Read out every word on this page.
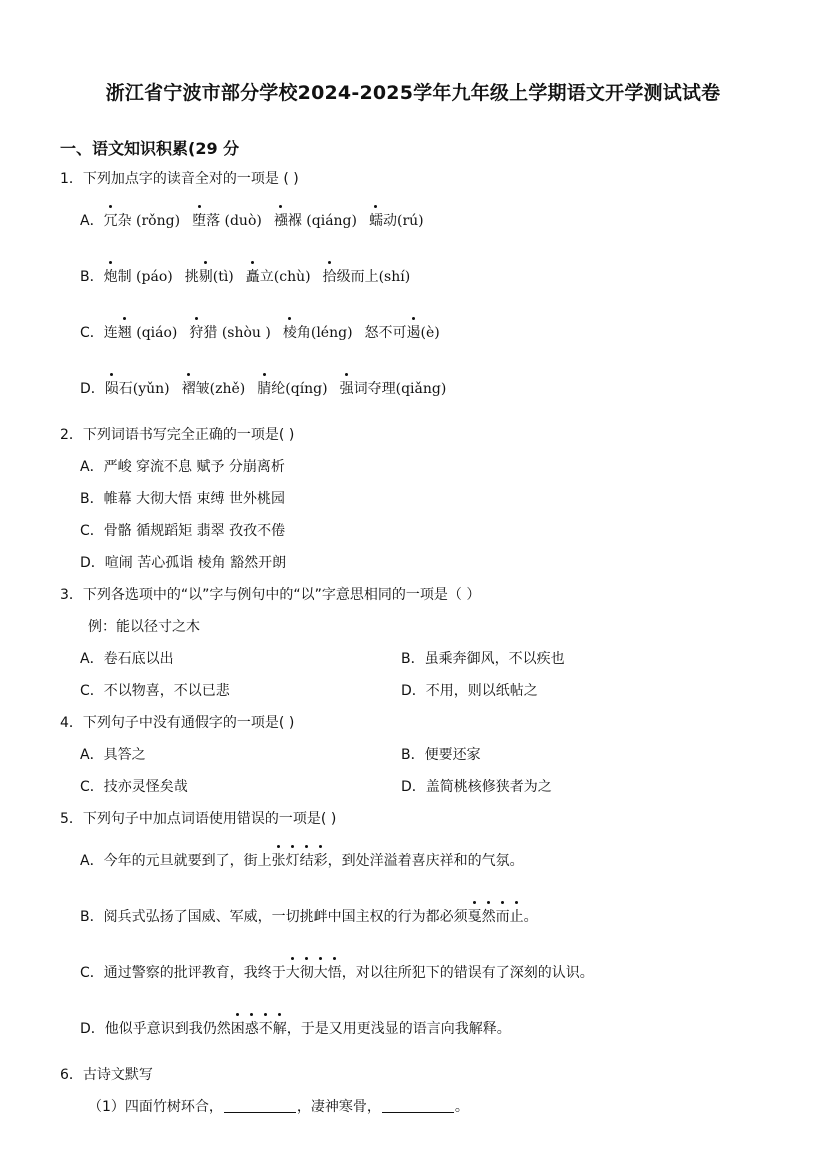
浙江省宁波市部分学校2024-2025学年九年级上学期语文开学测试试卷
一、语文知识积累(29 分
1．下列加点字的读音全对的一项是 ( )
A．冗杂 (rǒng) 堕落 (duò) 襁褓 (qiáng) 蠕动(rú)
B．炮制 (páo) 挑剔(tì) 矗立(chù) 拾级而上(shí)
C．连翘 (qiáo) 狩猎 (shòu ) 棱角(léng) 怒不可遏(è)
D．陨石(yǔn) 褶皱(zhě) 腈纶(qíng) 强词夺理(qiǎng)
2．下列词语书写完全正确的一项是( )
A．严峻 穿流不息 赋予 分崩离析
B．帷幕 大彻大悟 束缚 世外桃园
C．骨骼 循规蹈矩 翡翠 孜孜不倦
D．喧闹 苦心孤诣 棱角 豁然开朗
3．下列各选项中的“以”字与例句中的“以”字意思相同的一项是（ ）
例：能以径寸之木
A．卷石底以出	B．虽乘奔御风，不以疾也
C．不以物喜，不以已悲	D．不用，则以纸帖之
4．下列句子中没有通假字的一项是( )
A．具答之	B．便要还家
C．技亦灵怪矣哉	D．盖简桃核修狭者为之
5．下列句子中加点词语使用错误的一项是( )
A．今年的元旦就要到了，街上张灯结彩，到处洋溢着喜庆祥和的气氛。
B．阅兵式弘扬了国威、军威，一切挑衅中国主权的行为都必须戛然而止。
C．通过警察的批评教育，我终于大彻大悟，对以往所犯下的错误有了深刻的认识。
D．他似乎意识到我仍然困惑不解，于是又用更浅显的语言向我解释。
6．古诗文默写
（1）四面竹树环合，	，凄神寒骨，	。
